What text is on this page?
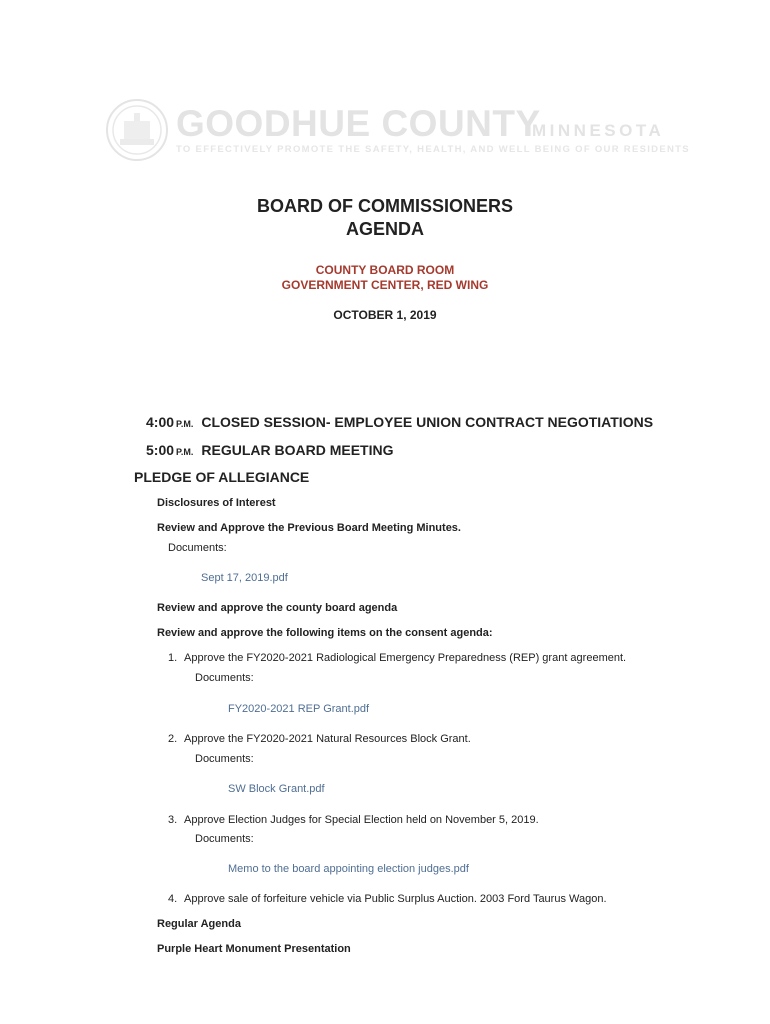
GOODHUE COUNTY
MINNESOTA
TO EFFECTIVELY PROMOTE THE SAFETY, HEALTH, AND WELL BEING OF OUR RESIDENTS
BOARD OF COMMISSIONERS
AGENDA
COUNTY BOARD ROOM
GOVERNMENT CENTER, RED WING
OCTOBER 1, 2019
4:00 P.M. CLOSED SESSION- EMPLOYEE UNION CONTRACT NEGOTIATIONS
5:00 P.M. REGULAR BOARD MEETING
PLEDGE OF ALLEGIANCE
Disclosures of Interest
Review and Approve the Previous Board Meeting Minutes.
Documents:
Sept 17, 2019.pdf
Review and approve the county board agenda
Review and approve the following items on the consent agenda:
1. Approve the FY2020-2021 Radiological Emergency Preparedness (REP) grant agreement.
Documents:
FY2020-2021 REP Grant.pdf
2. Approve the FY2020-2021 Natural Resources Block Grant.
Documents:
SW Block Grant.pdf
3. Approve Election Judges for Special Election held on November 5, 2019.
Documents:
Memo to the board appointing election judges.pdf
4. Approve sale of forfeiture vehicle via Public Surplus Auction. 2003 Ford Taurus Wagon.
Regular Agenda
Purple Heart Monument Presentation
